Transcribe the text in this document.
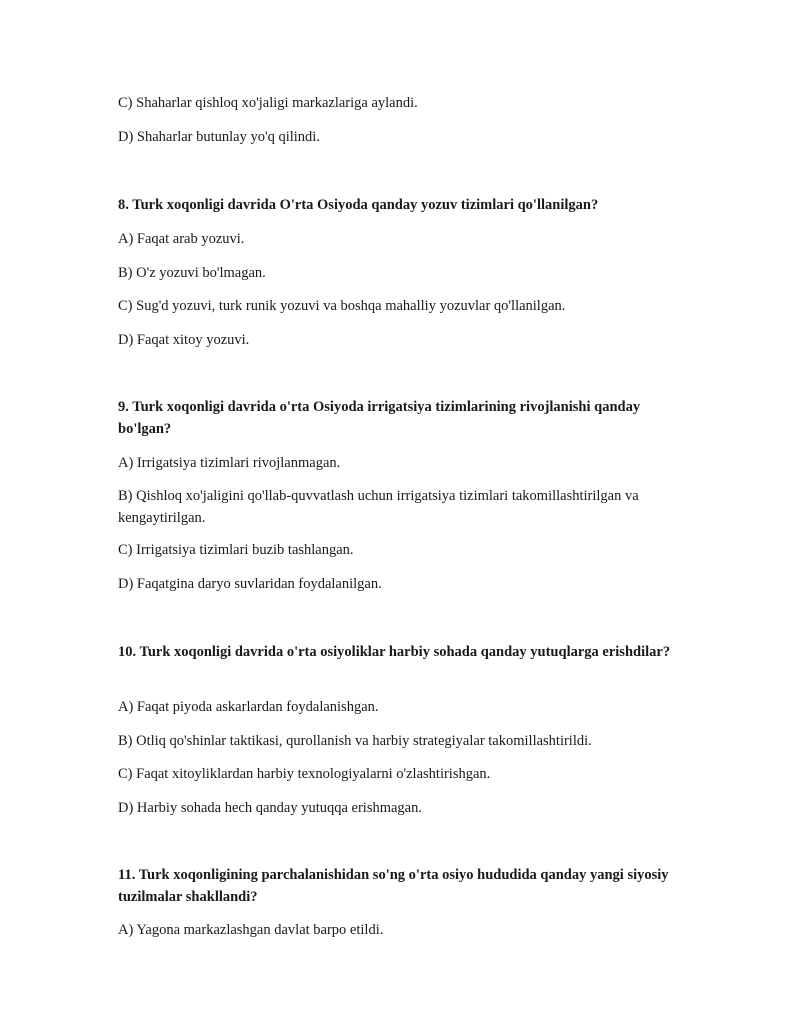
C) Shaharlar qishloq xo'jaligi markazlariga aylandi.
D) Shaharlar butunlay yo'q qilindi.
8. Turk xoqonligi davrida O'rta Osiyoda qanday yozuv tizimlari qo'llanilgan?
A) Faqat arab yozuvi.
B) O'z yozuvi bo'lmagan.
C) Sug'd yozuvi, turk runik yozuvi va boshqa mahalliy yozuvlar qo'llanilgan.
D) Faqat xitoy yozuvi.
9. Turk xoqonligi davrida o'rta Osiyoda irrigatsiya tizimlarining rivojlanishi qanday bo'lgan?
A) Irrigatsiya tizimlari rivojlanmagan.
B) Qishloq xo'jaligini qo'llab-quvvatlash uchun irrigatsiya tizimlari takomillashtirilgan va kengaytirilgan.
C) Irrigatsiya tizimlari buzib tashlangan.
D) Faqatgina daryo suvlaridan foydalanilgan.
10. Turk xoqonligi davrida o'rta osiyoliklar harbiy sohada qanday yutuqlarga erishdilar?
A) Faqat piyoda askarlardan foydalanishgan.
B) Otliq qo'shinlar taktikasi, qurollanish va harbiy strategiyalar takomillashtirildi.
C) Faqat xitoyliklardan harbiy texnologiyalarni o'zlashtirishgan.
D) Harbiy sohada hech qanday yutuqqa erishmagan.
11. Turk xoqonligining parchalanishidan so'ng o'rta osiyo hududida qanday yangi siyosiy tuzilmalar shakllandi?
A) Yagona markazlashgan davlat barpo etildi.
